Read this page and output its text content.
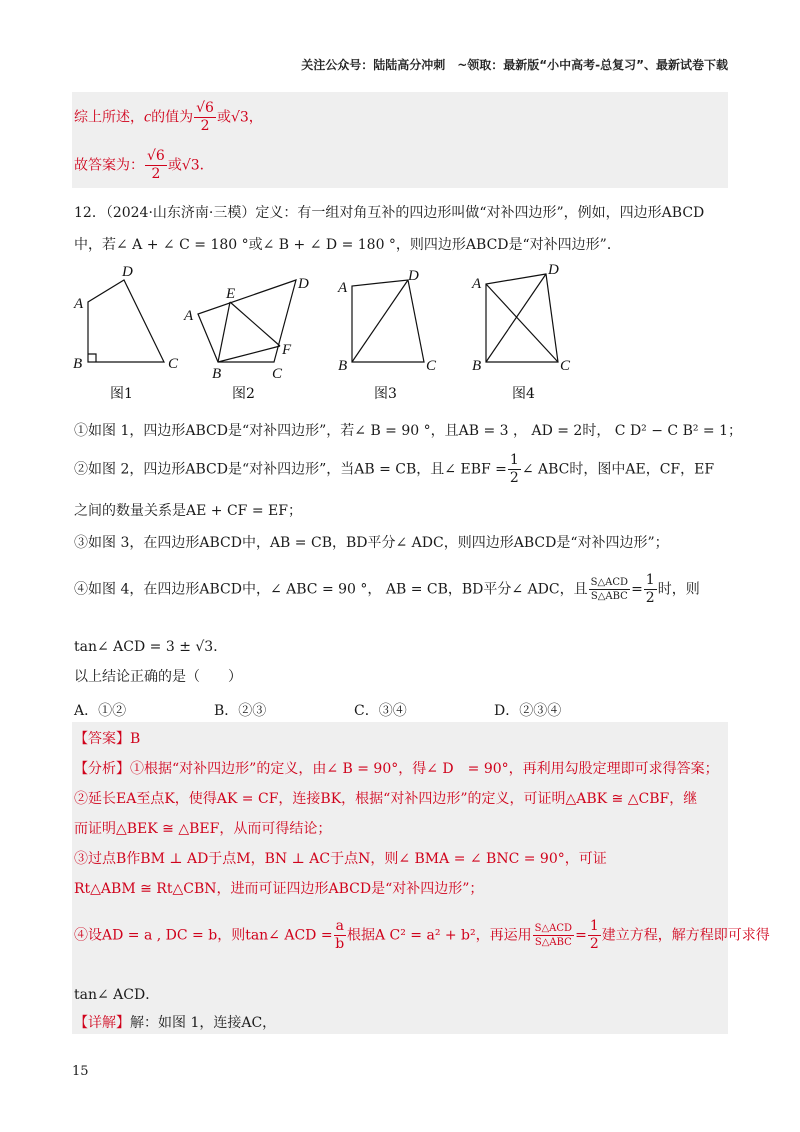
关注公众号：陆陆高分冲刺　~领取：最新版“小中高考-总复习”、最新试卷下载
综上所述，c的值为 $\frac{√6}{2}$ 或√3，
故答案为： $\frac{√6}{2}$ 或√3．
12．（2024·山东济南·三模）定义：有一组对角互补的四边形叫做“对补四边形”，例如，四边形ABCD
中，若∠ A + ∠ C = 180 °或∠ B + ∠ D = 180 °，则四边形ABCD是“对补四边形”．
A
B	C
D
图1
A
B	C
D
E
F
图2
A
B	C
D
图3
A
B	C
D
图4
①如图 1，四边形ABCD是“对补四边形”，若∠ B = 90 °，且AB = 3 ， AD = 2时， C D² − C B² = 1；
②如图 2，四边形ABCD是“对补四边形”，当AB = CB，且∠ EBF = $\frac{1}{2}$ ∠ ABC时，图中AE，CF，EF
之间的数量关系是AE + CF = EF；
③如图 3，在四边形ABCD中，AB = CB，BD平分∠ ADC，则四边形ABCD是“对补四边形”；
④如图 4，在四边形ABCD中，∠ ABC = 90 °， AB = CB，BD平分∠ ADC，且 $\frac{\text{S△ACD}}{\text{S△ABC}} = \frac{1}{2}$ 时，则
tan∠ ACD = 3 ± √3．
以上结论正确的是（　　）
A．①②	B．②③	C．③④	D．②③④
【答案】B
【分析】①根据“对补四边形”的定义，由∠ B = 90°，得∠ D　= 90°，再利用勾股定理即可求得答案；
②延长EA至点K，使得AK = CF，连接BK，根据“对补四边形”的定义，可证明△ABK ≅ △CBF，继
而证明△BEK ≅ △BEF，从而可得结论；
③过点B作BM ⊥ AD于点M，BN ⊥ AC于点N，则∠ BMA = ∠ BNC = 90°，可证
Rt△ABM ≅ Rt△CBN，进而可证四边形ABCD是“对补四边形”；
④设AD = a , DC = b，则tan∠ ACD = $\frac{a}{b}$ 根据A C² = a² + b²，再运用 $\frac{\text{S△ACD}}{\text{S△ABC}} = \frac{1}{2}$ 建立方程，解方程即可求得
tan∠ ACD．
【详解】解：如图 1，连接AC，
15
